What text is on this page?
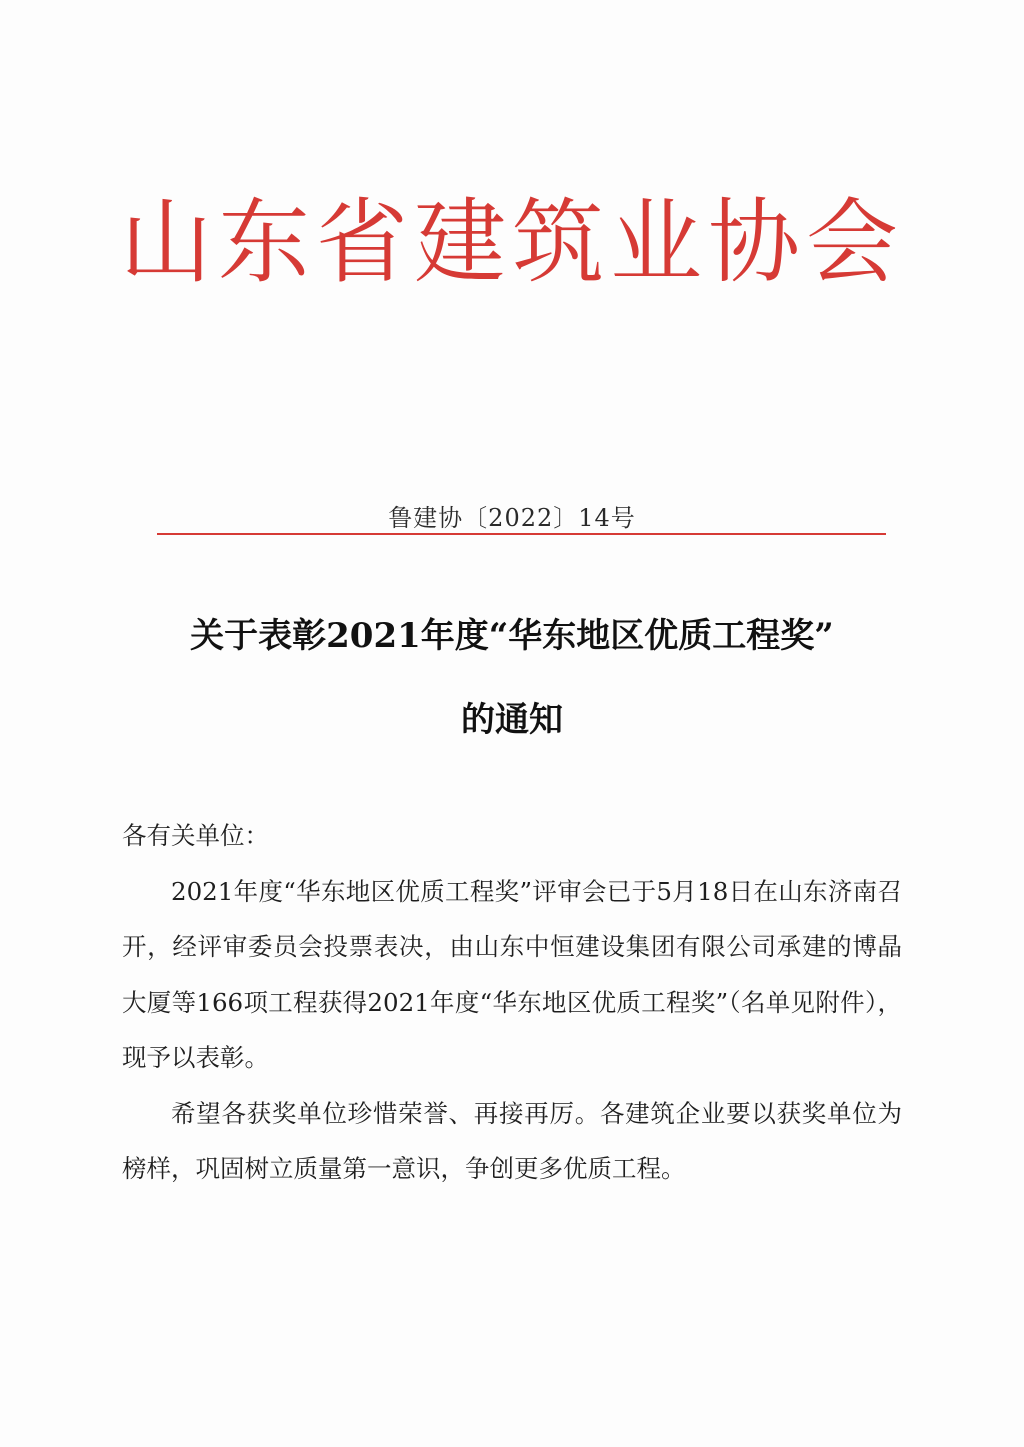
山东省建筑业协会
鲁建协〔2022〕14号
关于表彰2021年度“华东地区优质工程奖”
的通知

各有关单位：

2021年度“华东地区优质工程奖”评审会已于5月18日在山东济南召开，经评审委员会投票表决，由山东中恒建设集团有限公司承建的博晶大厦等166项工程获得2021年度“华东地区优质工程奖”（名单见附件），现予以表彰。

希望各获奖单位珍惜荣誉、再接再厉。各建筑企业要以获奖单位为榜样，巩固树立质量第一意识，争创更多优质工程。
